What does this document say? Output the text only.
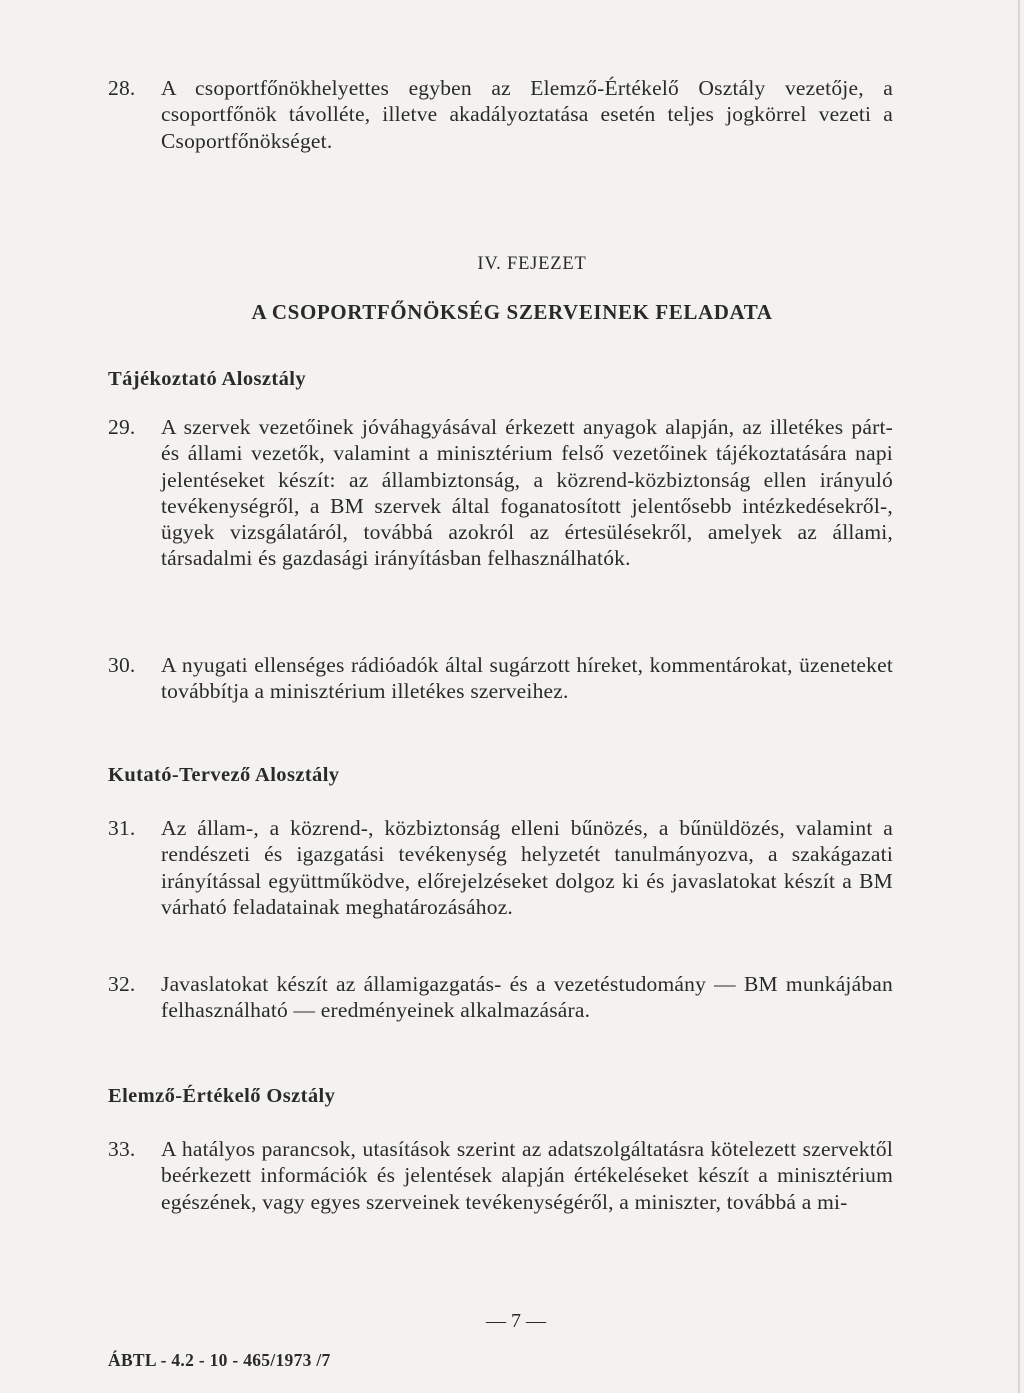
28. A csoportfőnökhelyettes egyben az Elemző-Értékelő Osztály vezetője, a csoportfőnök távolléte, illetve akadályoztatása esetén teljes jogkörrel vezeti a Csoportfőnökséget.
IV. FEJEZET
A CSOPORTFŐNÖKSÉG SZERVEINEK FELADATA
Tájékoztató Alosztály
29. A szervek vezetőinek jóváhagyásával érkezett anyagok alapján, az illetékes párt- és állami vezetők, valamint a minisztérium felső vezetőinek tájékoztatására napi jelentéseket készít: az állambiztonság, a közrend-közbiztonság ellen irányuló tevékenységről, a BM szervek által foganatosított jelentősebb intézkedésekről-, ügyek vizsgálatáról, továbbá azokról az értesülésekről, amelyek az állami, társadalmi és gazdasági irányításban felhasználhatók.
30. A nyugati ellenséges rádióadók által sugárzott híreket, kommentárokat, üzeneteket továbbítja a minisztérium illetékes szerveihez.
Kutató-Tervező Alosztály
31. Az állam-, a közrend-, közbiztonság elleni bűnözés, a bűnüldözés, valamint a rendészeti és igazgatási tevékenység helyzetét tanulmányozva, a szakágazati irányítással együttműködve, előrejelzéseket dolgoz ki és javaslatokat készít a BM várható feladatainak meghatározásához.
32. Javaslatokat készít az államigazgatás- és a vezetéstudomány — BM munkájában felhasználható — eredményeinek alkalmazására.
Elemző-Értékelő Osztály
33. A hatályos parancsok, utasítások szerint az adatszolgáltatásra kötelezett szervektől beérkezett információk és jelentések alapján értékeléseket készít a minisztérium egészének, vagy egyes szerveinek tevékenységéről, a miniszter, továbbá a mi-
— 7 —
ÁBTL - 4.2 - 10 - 465/1973 /7
